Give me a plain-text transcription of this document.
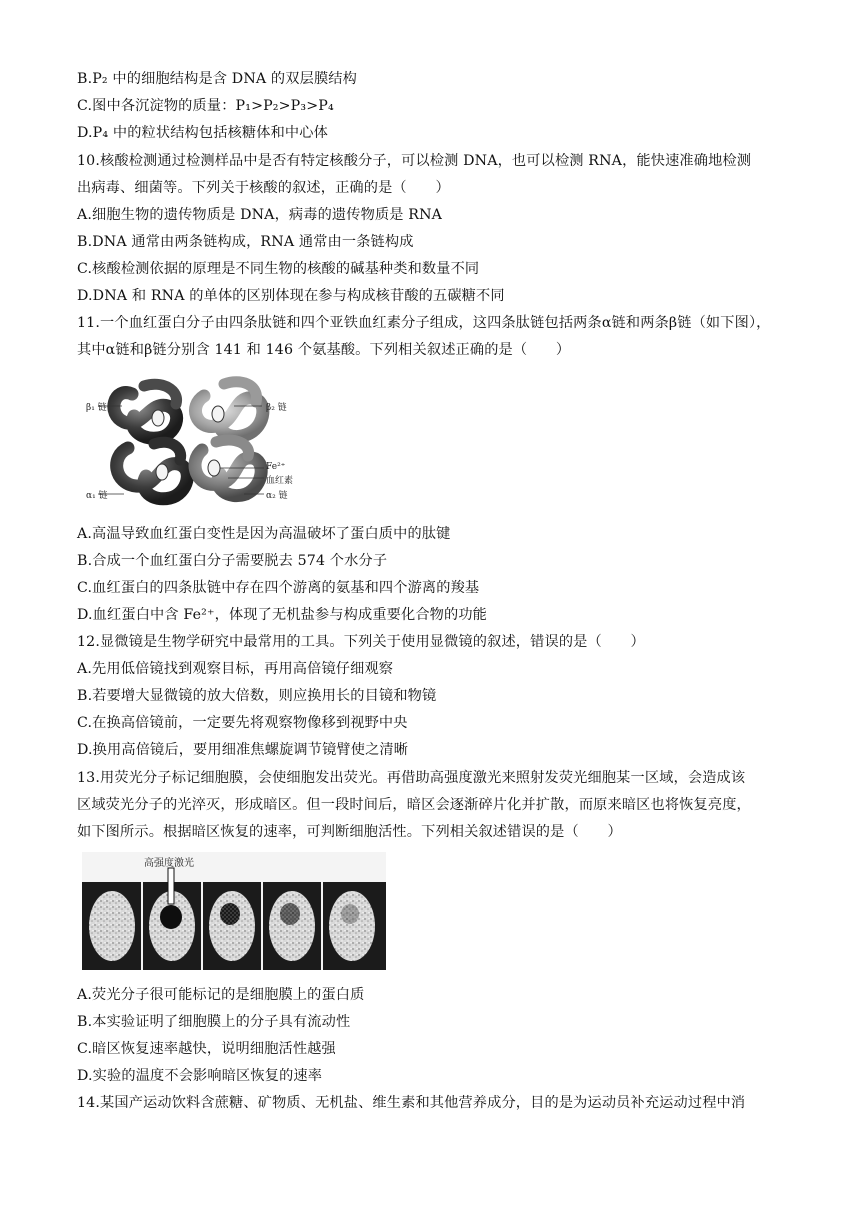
B.P₂ 中的细胞结构是含 DNA 的双层膜结构
C.图中各沉淀物的质量：P₁>P₂>P₃>P₄
D.P₄ 中的粒状结构包括核糖体和中心体
10.核酸检测通过检测样品中是否有特定核酸分子，可以检测 DNA，也可以检测 RNA，能快速准确地检测
出病毒、细菌等。下列关于核酸的叙述，正确的是（　　）
A.细胞生物的遗传物质是 DNA，病毒的遗传物质是 RNA
B.DNA 通常由两条链构成，RNA 通常由一条链构成
C.核酸检测依据的原理是不同生物的核酸的碱基种类和数量不同
D.DNA 和 RNA 的单体的区别体现在参与构成核苷酸的五碳糖不同
11.一个血红蛋白分子由四条肽链和四个亚铁血红素分子组成，这四条肽链包括两条α链和两条β链（如下图），
其中α链和β链分别含 141 和 146 个氨基酸。下列相关叙述正确的是（　　）
β₁ 链	β₂ 链
Fe²⁺
血红素
α₁ 链	α₂ 链
A.高温导致血红蛋白变性是因为高温破坏了蛋白质中的肽键
B.合成一个血红蛋白分子需要脱去 574 个水分子
C.血红蛋白的四条肽链中存在四个游离的氨基和四个游离的羧基
D.血红蛋白中含 Fe²⁺，体现了无机盐参与构成重要化合物的功能
12.显微镜是生物学研究中最常用的工具。下列关于使用显微镜的叙述，错误的是（　　）
A.先用低倍镜找到观察目标，再用高倍镜仔细观察
B.若要增大显微镜的放大倍数，则应换用长的目镜和物镜
C.在换高倍镜前，一定要先将观察物像移到视野中央
D.换用高倍镜后，要用细准焦螺旋调节镜臂使之清晰
13.用荧光分子标记细胞膜，会使细胞发出荧光。再借助高强度激光来照射发荧光细胞某一区域，会造成该
区域荧光分子的光淬灭，形成暗区。但一段时间后，暗区会逐渐碎片化并扩散，而原来暗区也将恢复亮度，
如下图所示。根据暗区恢复的速率，可判断细胞活性。下列相关叙述错误的是（　　）
高强度激光
A.荧光分子很可能标记的是细胞膜上的蛋白质
B.本实验证明了细胞膜上的分子具有流动性
C.暗区恢复速率越快，说明细胞活性越强
D.实验的温度不会影响暗区恢复的速率
14.某国产运动饮料含蔗糖、矿物质、无机盐、维生素和其他营养成分，目的是为运动员补充运动过程中消
